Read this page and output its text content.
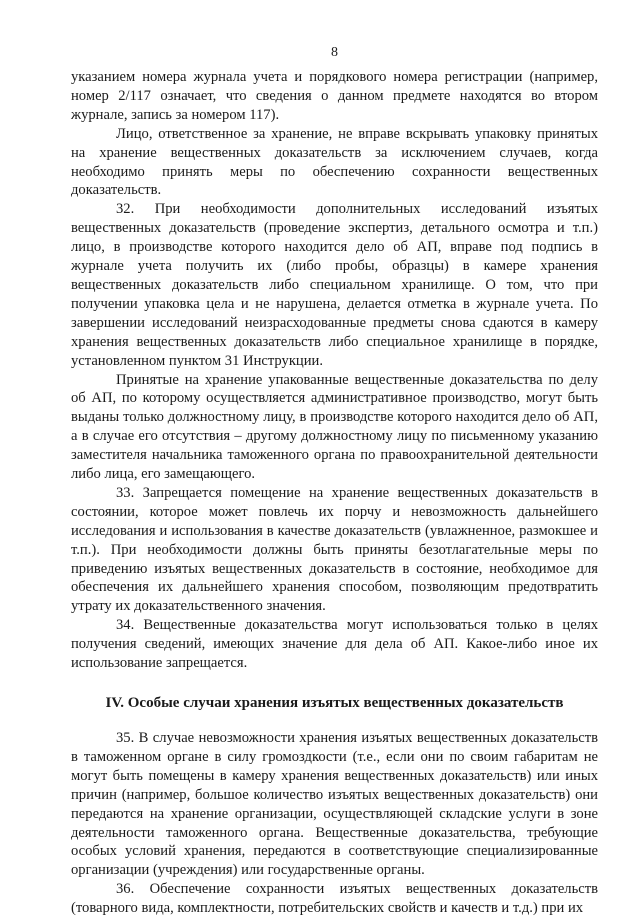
8

указанием номера журнала учета и порядкового номера регистрации (например, номер 2/117 означает, что сведения о данном предмете находятся во втором журнале, запись за номером 117).

Лицо, ответственное за хранение, не вправе вскрывать упаковку принятых на хранение вещественных доказательств за исключением случаев, когда необходимо принять меры по обеспечению сохранности вещественных доказательств.

32. При необходимости дополнительных исследований изъятых вещественных доказательств (проведение экспертиз, детального осмотра и т.п.) лицо, в производстве которого находится дело об АП, вправе под подпись в журнале учета получить их (либо пробы, образцы) в камере хранения вещественных доказательств либо специальном хранилище. О том, что при получении упаковка цела и не нарушена, делается отметка в журнале учета. По завершении исследований неизрасходованные предметы снова сдаются в камеру хранения вещественных доказательств либо специальное хранилище в порядке, установленном пунктом 31 Инструкции.

Принятые на хранение упакованные вещественные доказательства по делу об АП, по которому осуществляется административное производство, могут быть выданы только должностному лицу, в производстве которого находится дело об АП, а в случае его отсутствия – другому должностному лицу по письменному указанию заместителя начальника таможенного органа по правоохранительной деятельности либо лица, его замещающего.

33. Запрещается помещение на хранение вещественных доказательств в состоянии, которое может повлечь их порчу и невозможность дальнейшего исследования и использования в качестве доказательств (увлажненное, размокшее и т.п.). При необходимости должны быть приняты безотлагательные меры по приведению изъятых вещественных доказательств в состояние, необходимое для обеспечения их дальнейшего хранения способом, позволяющим предотвратить утрату их доказательственного значения.

34. Вещественные доказательства могут использоваться только в целях получения сведений, имеющих значение для дела об АП. Какое-либо иное их использование запрещается.

IV. Особые случаи хранения изъятых вещественных доказательств

35. В случае невозможности хранения изъятых вещественных доказательств в таможенном органе в силу громоздкости (т.е., если они по своим габаритам не могут быть помещены в камеру хранения вещественных доказательств) или иных причин (например, большое количество изъятых вещественных доказательств) они передаются на хранение организации, осуществляющей складские услуги в зоне деятельности таможенного органа. Вещественные доказательства, требующие особых условий хранения, передаются в соответствующие специализированные организации (учреждения) или государственные органы.

36. Обеспечение сохранности изъятых вещественных доказательств (товарного вида, комплектности, потребительских свойств и качеств и т.д.) при их
